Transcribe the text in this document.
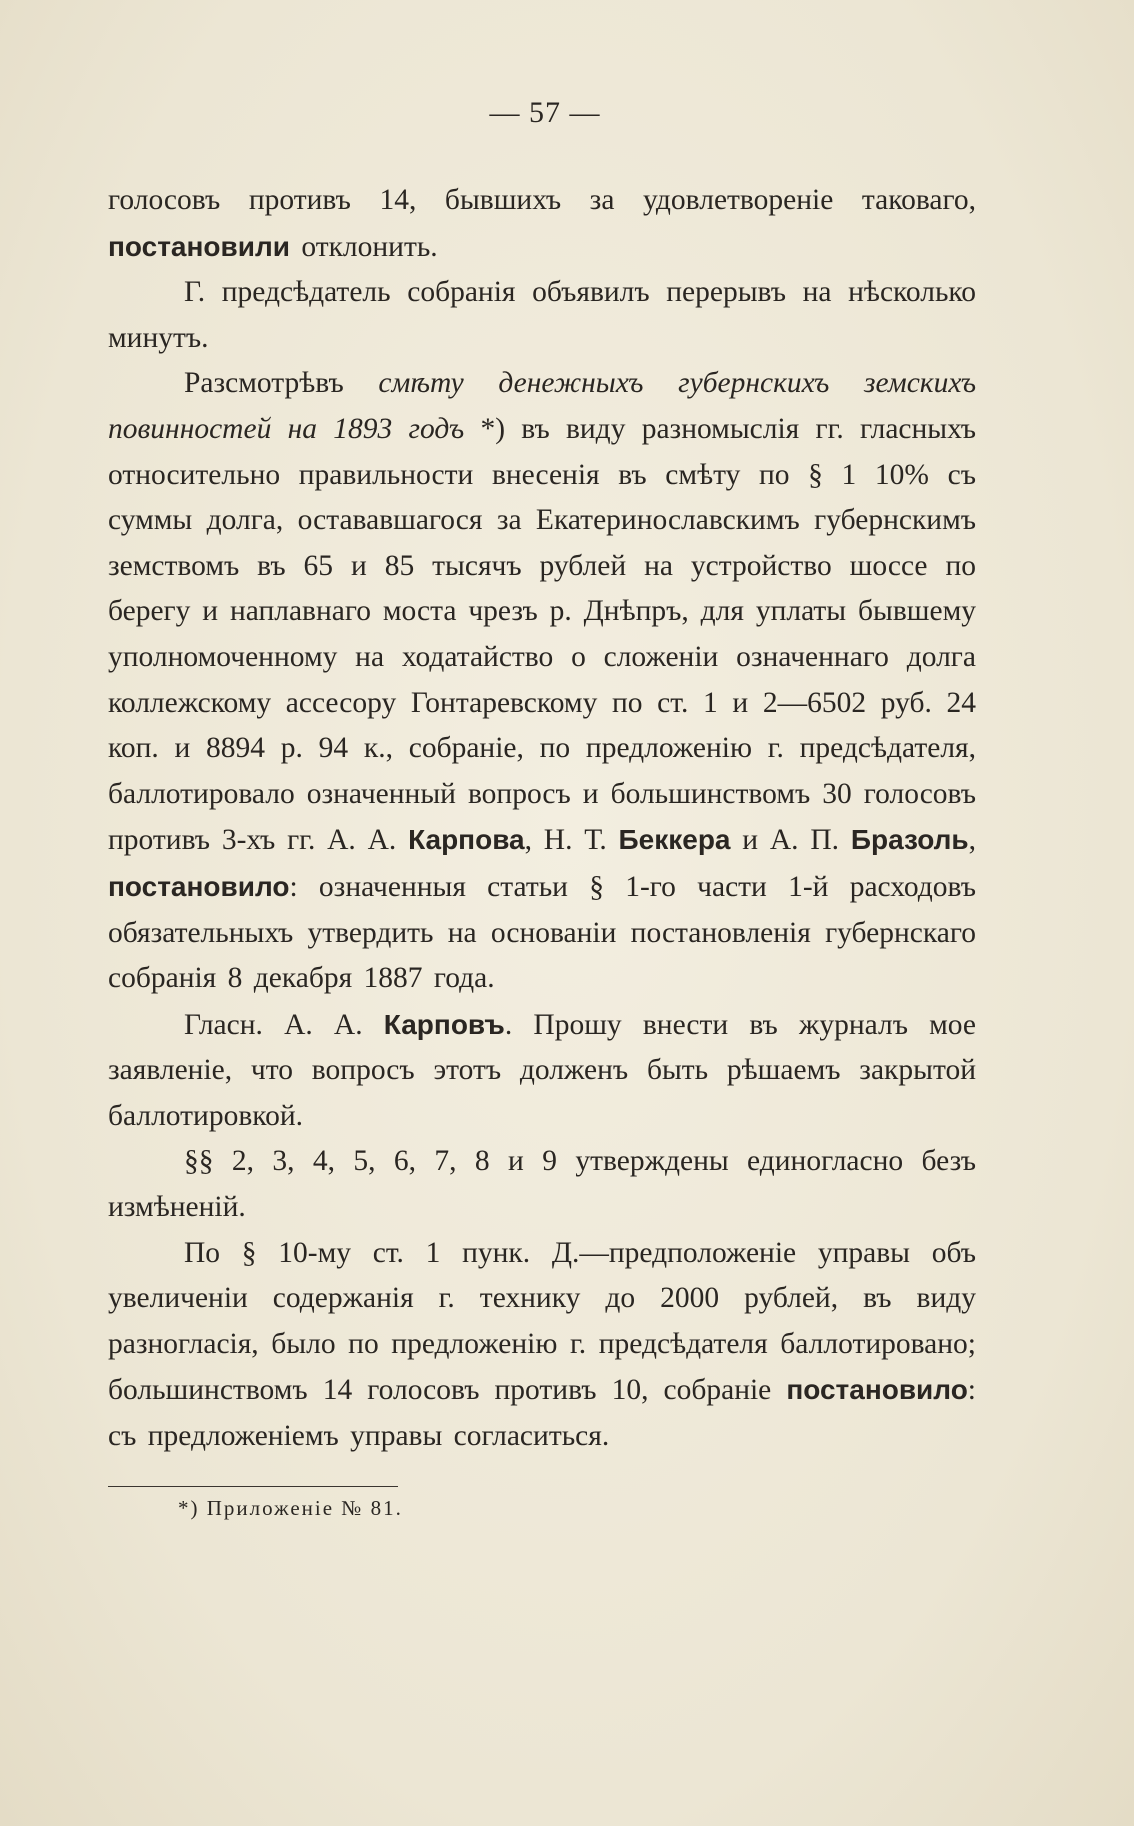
— 57 —

голосовъ противъ 14, бывшихъ за удовлетвореніе таковаго, постановили отклонить.

Г. предсѣдатель собранія объявилъ перерывъ на нѣсколько минутъ.

Разсмотрѣвъ смѣту денежныхъ губернскихъ земскихъ повинностей на 1893 годъ *) въ виду разномыслія гг. гласныхъ относительно правильности внесенія въ смѣту по § 1 10% съ суммы долга, остававшагося за Екатеринославскимъ губернскимъ земствомъ въ 65 и 85 тысячъ рублей на устройство шоссе по берегу и наплавнаго моста чрезъ р. Днѣпръ, для уплаты бывшему уполномоченному на ходатайство о сложеніи означеннаго долга коллежскому ассесору Гонтаревскому по ст. 1 и 2—6502 руб. 24 коп. и 8894 р. 94 к., собраніе, по предложенію г. предсѣдателя, баллотировало означенный вопросъ и большинствомъ 30 голосовъ противъ 3-хъ гг. А. А. Карпова, Н. Т. Беккера и А. П. Бразоль, постановило: означенныя статьи § 1-го части 1-й расходовъ обязательныхъ утвердить на основаніи постановленія губернскаго собранія 8 декабря 1887 года.

Гласн. А. А. Карповъ. Прошу внести въ журналъ мое заявленіе, что вопросъ этотъ долженъ быть рѣшаемъ закрытой баллотировкой.

§§ 2, 3, 4, 5, 6, 7, 8 и 9 утверждены единогласно безъ измѣненій.

По § 10-му ст. 1 пунк. Д.—предположеніе управы объ увеличеніи содержанія г. технику до 2000 рублей, въ виду разногласія, было по предложенію г. предсѣдателя баллотировано; большинствомъ 14 голосовъ противъ 10, собраніе постановило: съ предложеніемъ управы согласиться.

*) Приложеніе № 81.
